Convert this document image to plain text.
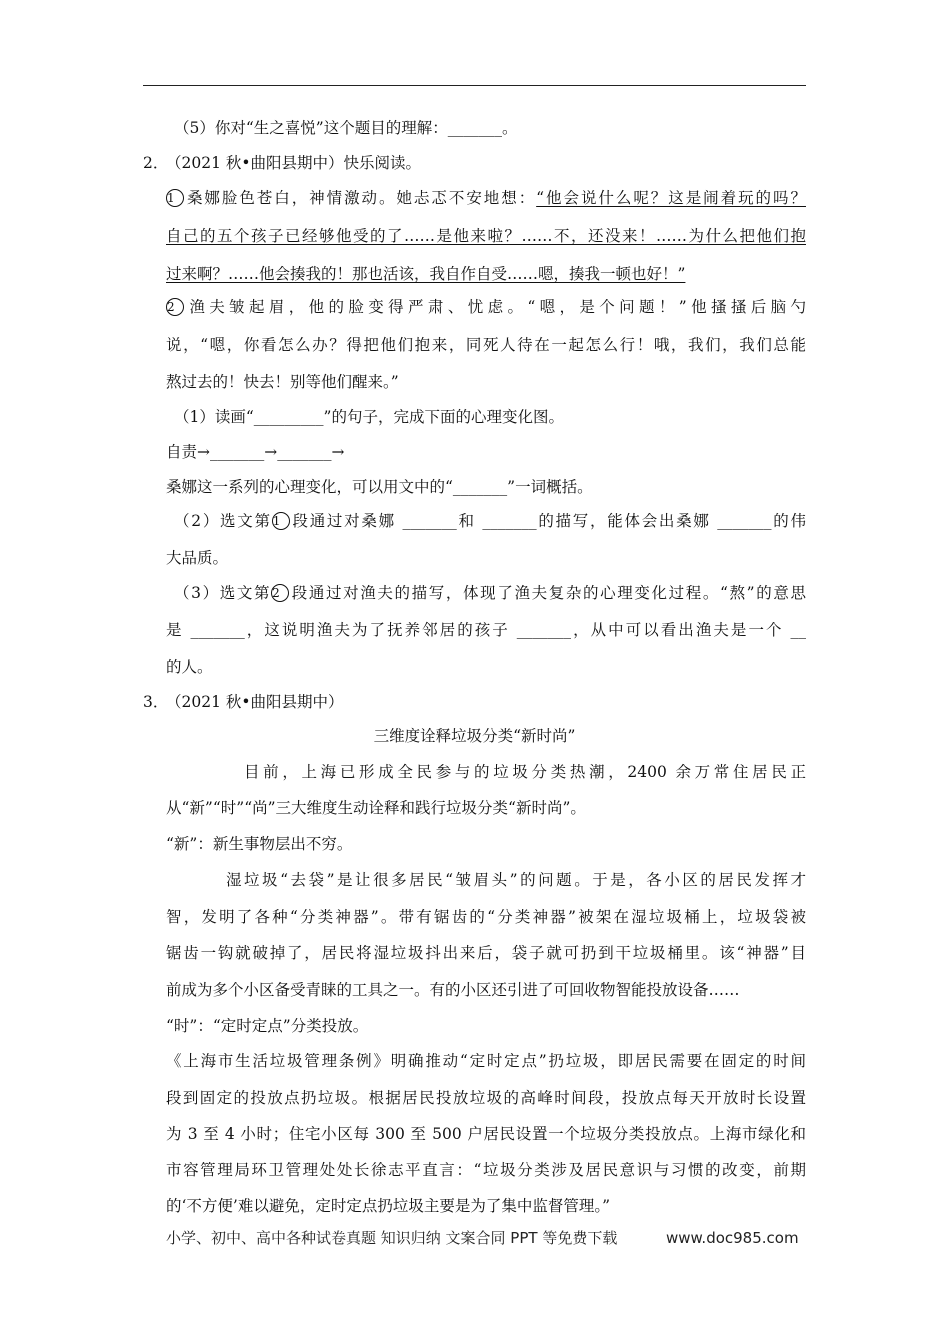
（5）你对“生之喜悦”这个题目的理解：_______。
2．
（2021 秋•曲阳县期中）快乐阅读。
1 桑娜脸色苍白，神情激动。她忐忑不安地想：“他会说什么呢？这是闹着玩的吗？
自己的五个孩子已经够他受的了……是他来啦？……不，还没来！……为什么把他们抱
过来啊？……他会揍我的！那也活该，我自作自受……嗯，揍我一顿也好！”
2 渔夫皱起眉，他的脸变得严肃、忧虑。“嗯，是个问题！”他搔搔后脑勺
说，“嗯，你看怎么办？得把他们抱来，同死人待在一起怎么行！哦，我们，我们总能
熬过去的！快去！别等他们醒来。”
（1）读画“_________”的句子，完成下面的心理变化图。
自责→_______→_______→
桑娜这一系列的心理变化，可以用文中的“_______”一词概括。
（2）选文第1 段通过对桑娜 _______和 _______的描写，能体会出桑娜 _______的伟
大品质。
（3）选文第2 段通过对渔夫的描写，体现了渔夫复杂的心理变化过程。“熬”的意思
是 _______，这说明渔夫为了抚养邻居的孩子 _______，从中可以看出渔夫是一个 __
的人。
3．
（2021 秋•曲阳县期中）
三维度诠释垃圾分类“新时尚”
目前，上海已形成全民参与的垃圾分类热潮，2400 余万常住居民正
从“新”“时”“尚”三大维度生动诠释和践行垃圾分类“新时尚”。
“新”：新生事物层出不穷。
湿垃圾“去袋”是让很多居民“皱眉头”的问题。于是，各小区的居民发挥才
智，发明了各种“分类神器”。带有锯齿的“分类神器”被架在湿垃圾桶上，垃圾袋被
锯齿一钩就破掉了，居民将湿垃圾抖出来后，袋子就可扔到干垃圾桶里。该“神器”目
前成为多个小区备受青睐的工具之一。有的小区还引进了可回收物智能投放设备……
“时”：“定时定点”分类投放。
《上海市生活垃圾管理条例》明确推动“定时定点”扔垃圾，即居民需要在固定的时间
段到固定的投放点扔垃圾。根据居民投放垃圾的高峰时间段，投放点每天开放时长设置
为 3 至 4 小时；住宅小区每 300 至 500 户居民设置一个垃圾分类投放点。上海市绿化和
市容管理局环卫管理处处长徐志平直言：“垃圾分类涉及居民意识与习惯的改变，前期
的‘不方便’难以避免，定时定点扔垃圾主要是为了集中监督管理。”
小学、初中、高中各种试卷真题 知识归纳 文案合同 PPT 等免费下载	www.doc985.com
